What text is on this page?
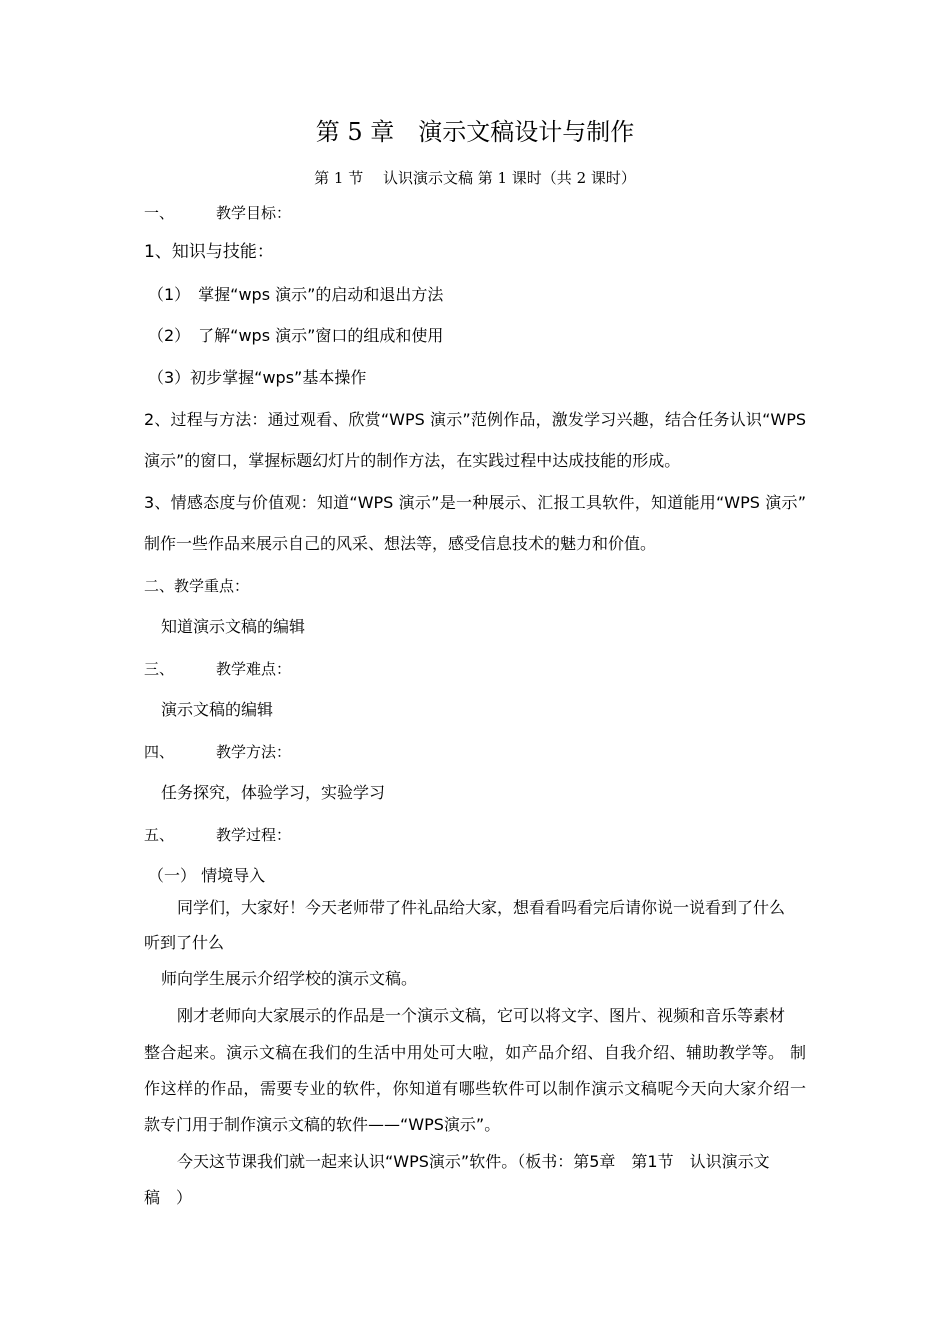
第 5 章　演示文稿设计与制作
第 1 节　 认识演示文稿 第 1 课时（共 2 课时）
一、	教学目标：
1、知识与技能：
（1）　掌握“wps 演示”的启动和退出方法
（2）　了解“wps 演示”窗口的组成和使用
（3）初步掌握“wps”基本操作
2、过程与方法：通过观看、欣赏“WPS 演示”范例作品，激发学习兴趣，结合任务认识“WPS
演示”的窗口，掌握标题幻灯片的制作方法，在实践过程中达成技能的形成。
3、情感态度与价值观：知道“WPS 演示”是一种展示、汇报工具软件，知道能用“WPS 演示”
制作一些作品来展示自己的风采、想法等，感受信息技术的魅力和价值。
二、教学重点：
知道演示文稿的编辑
三、	教学难点：
演示文稿的编辑
四、	教学方法：
任务探究，体验学习，实验学习
五、	教学过程：
（一） 情境导入
同学们，大家好！今天老师带了件礼品给大家，想看看吗看完后请你说一说看到了什么
听到了什么
师向学生展示介绍学校的演示文稿。
刚才老师向大家展示的作品是一个演示文稿，它可以将文字、图片、视频和音乐等素材
整合起来。演示文稿在我们的生活中用处可大啦，如产品介绍、自我介绍、辅助教学等。 制
作这样的作品，需要专业的软件，你知道有哪些软件可以制作演示文稿呢今天向大家介绍一
款专门用于制作演示文稿的软件——“WPS演示”。
今天这节课我们就一起来认识“WPS演示”软件。（板书：第5章　第1节　认识演示文
稿　）
